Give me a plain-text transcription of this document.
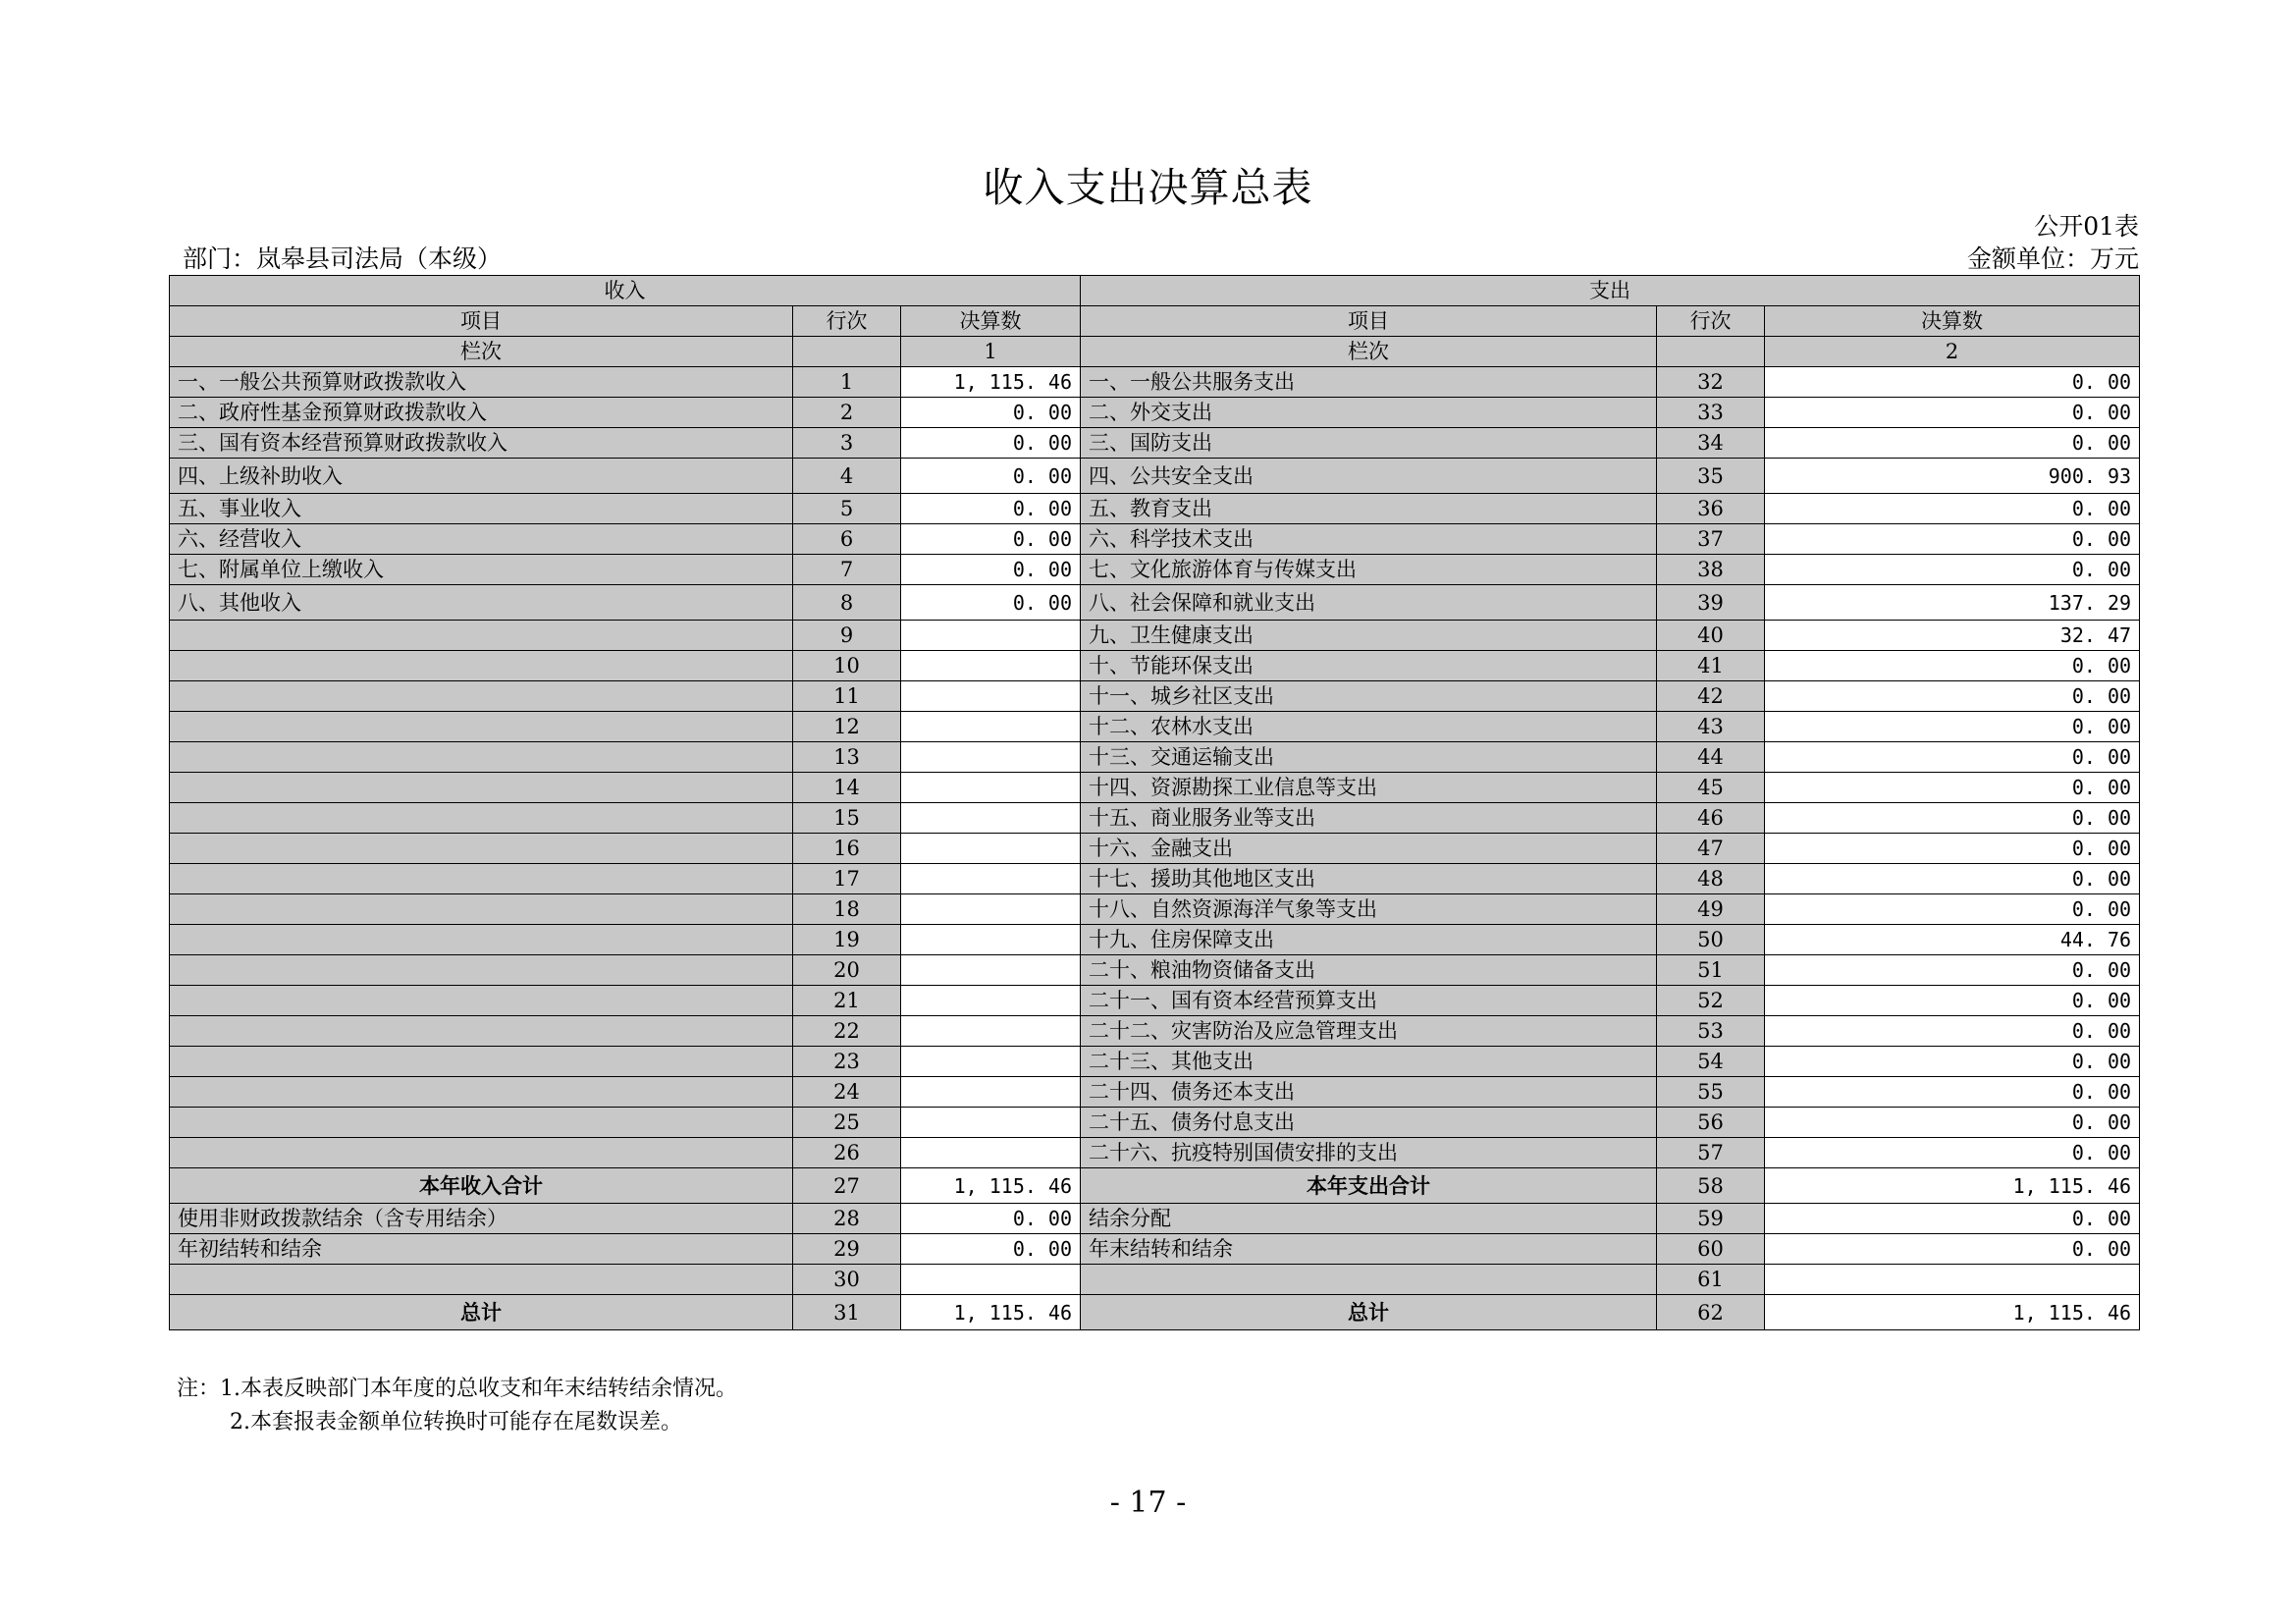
收入支出决算总表
公开01表
部门：岚皋县司法局（本级）	金额单位：万元
收入			支出		
项目	行次	决算数	项目	行次	决算数
栏次		1	栏次		2
一、一般公共预算财政拨款收入	1	1, 115. 46	一、一般公共服务支出	32	0. 00
二、政府性基金预算财政拨款收入	2	0. 00	二、外交支出	33	0. 00
三、国有资本经营预算财政拨款收入	3	0. 00	三、国防支出	34	0. 00
四、上级补助收入	4	0. 00	四、公共安全支出	35	900. 93
五、事业收入	5	0. 00	五、教育支出	36	0. 00
六、经营收入	6	0. 00	六、科学技术支出	37	0. 00
七、附属单位上缴收入	7	0. 00	七、文化旅游体育与传媒支出	38	0. 00
八、其他收入	8	0. 00	八、社会保障和就业支出	39	137. 29
	9		九、卫生健康支出	40	32. 47
	10		十、节能环保支出	41	0. 00
	11		十一、城乡社区支出	42	0. 00
	12		十二、农林水支出	43	0. 00
	13		十三、交通运输支出	44	0. 00
	14		十四、资源勘探工业信息等支出	45	0. 00
	15		十五、商业服务业等支出	46	0. 00
	16		十六、金融支出	47	0. 00
	17		十七、援助其他地区支出	48	0. 00
	18		十八、自然资源海洋气象等支出	49	0. 00
	19		十九、住房保障支出	50	44. 76
	20		二十、粮油物资储备支出	51	0. 00
	21		二十一、国有资本经营预算支出	52	0. 00
	22		二十二、灾害防治及应急管理支出	53	0. 00
	23		二十三、其他支出	54	0. 00
	24		二十四、债务还本支出	55	0. 00
	25		二十五、债务付息支出	56	0. 00
	26		二十六、抗疫特别国债安排的支出	57	0. 00
本年收入合计	27	1, 115. 46	本年支出合计	58	1, 115. 46
使用非财政拨款结余（含专用结余）	28	0. 00	结余分配	59	0. 00
年初结转和结余	29	0. 00	年末结转和结余	60	0. 00
	30			61	
总计	31	1, 115. 46	总计	62	1, 115. 46
注：1.本表反映部门本年度的总收支和年末结转结余情况。
2.本套报表金额单位转换时可能存在尾数误差。
- 17 -
